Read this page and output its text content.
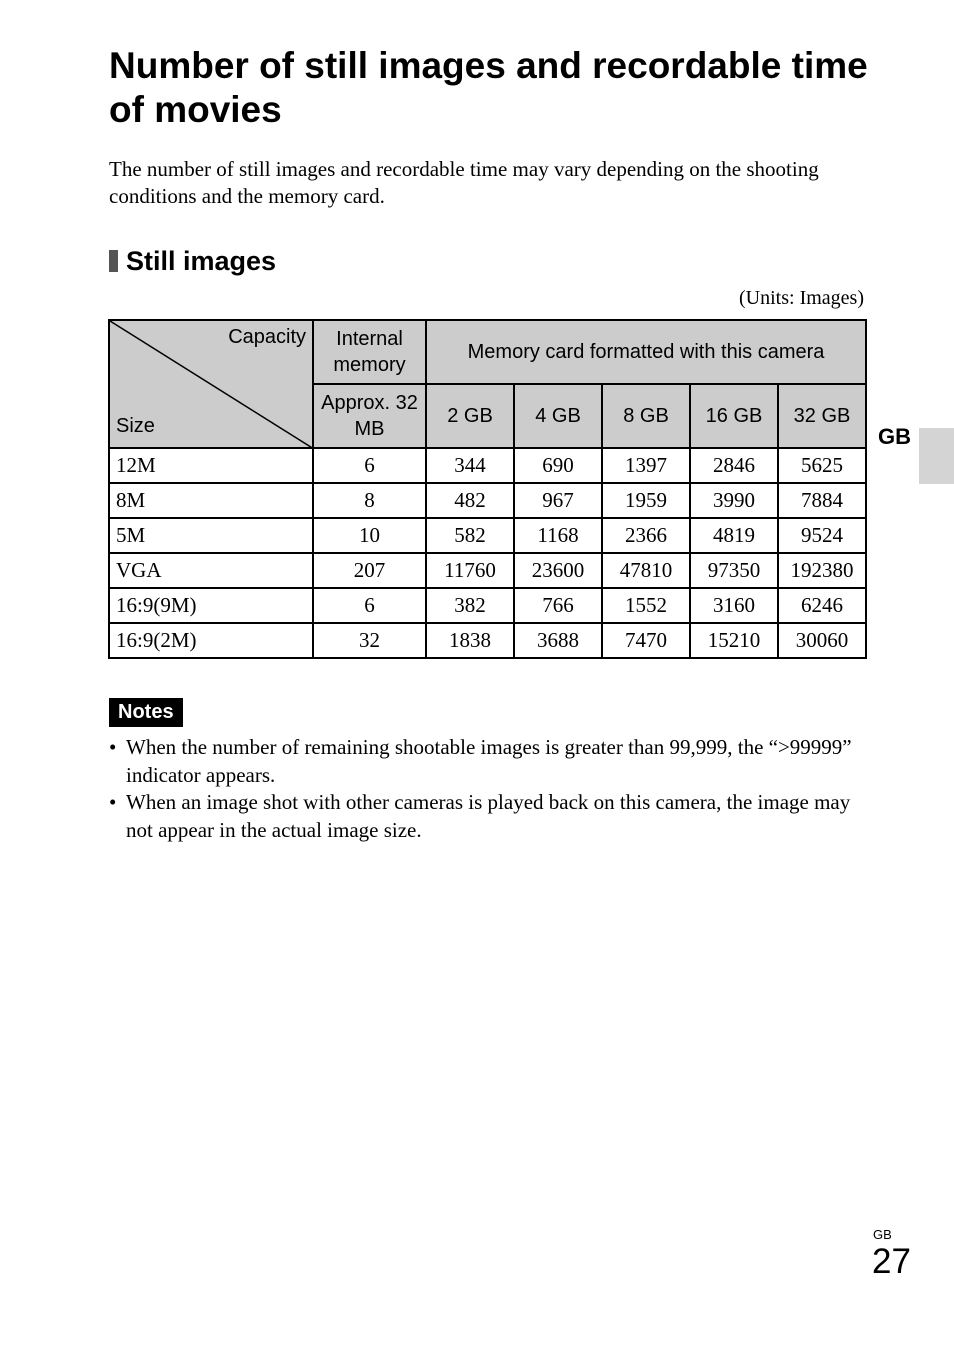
Number of still images and recordable time of movies

The number of still images and recordable time may vary depending on the shooting conditions and the memory card.

Still images
(Units: Images)
Capacity
Size	Internal memory	Memory card formatted with this camera				
	Approx. 32 MB	2 GB	4 GB	8 GB	16 GB	32 GB
12M	6	344	690	1397	2846	5625
8M	8	482	967	1959	3990	7884
5M	10	582	1168	2366	4819	9524
VGA	207	11760	23600	47810	97350	192380
16:9(9M)	6	382	766	1552	3160	6246
16:9(2M)	32	1838	3688	7470	15210	30060
GB
Notes
• When the number of remaining shootable images is greater than 99,999, the “>99999” indicator appears.
• When an image shot with other cameras is played back on this camera, the image may not appear in the actual image size.
GB
27
